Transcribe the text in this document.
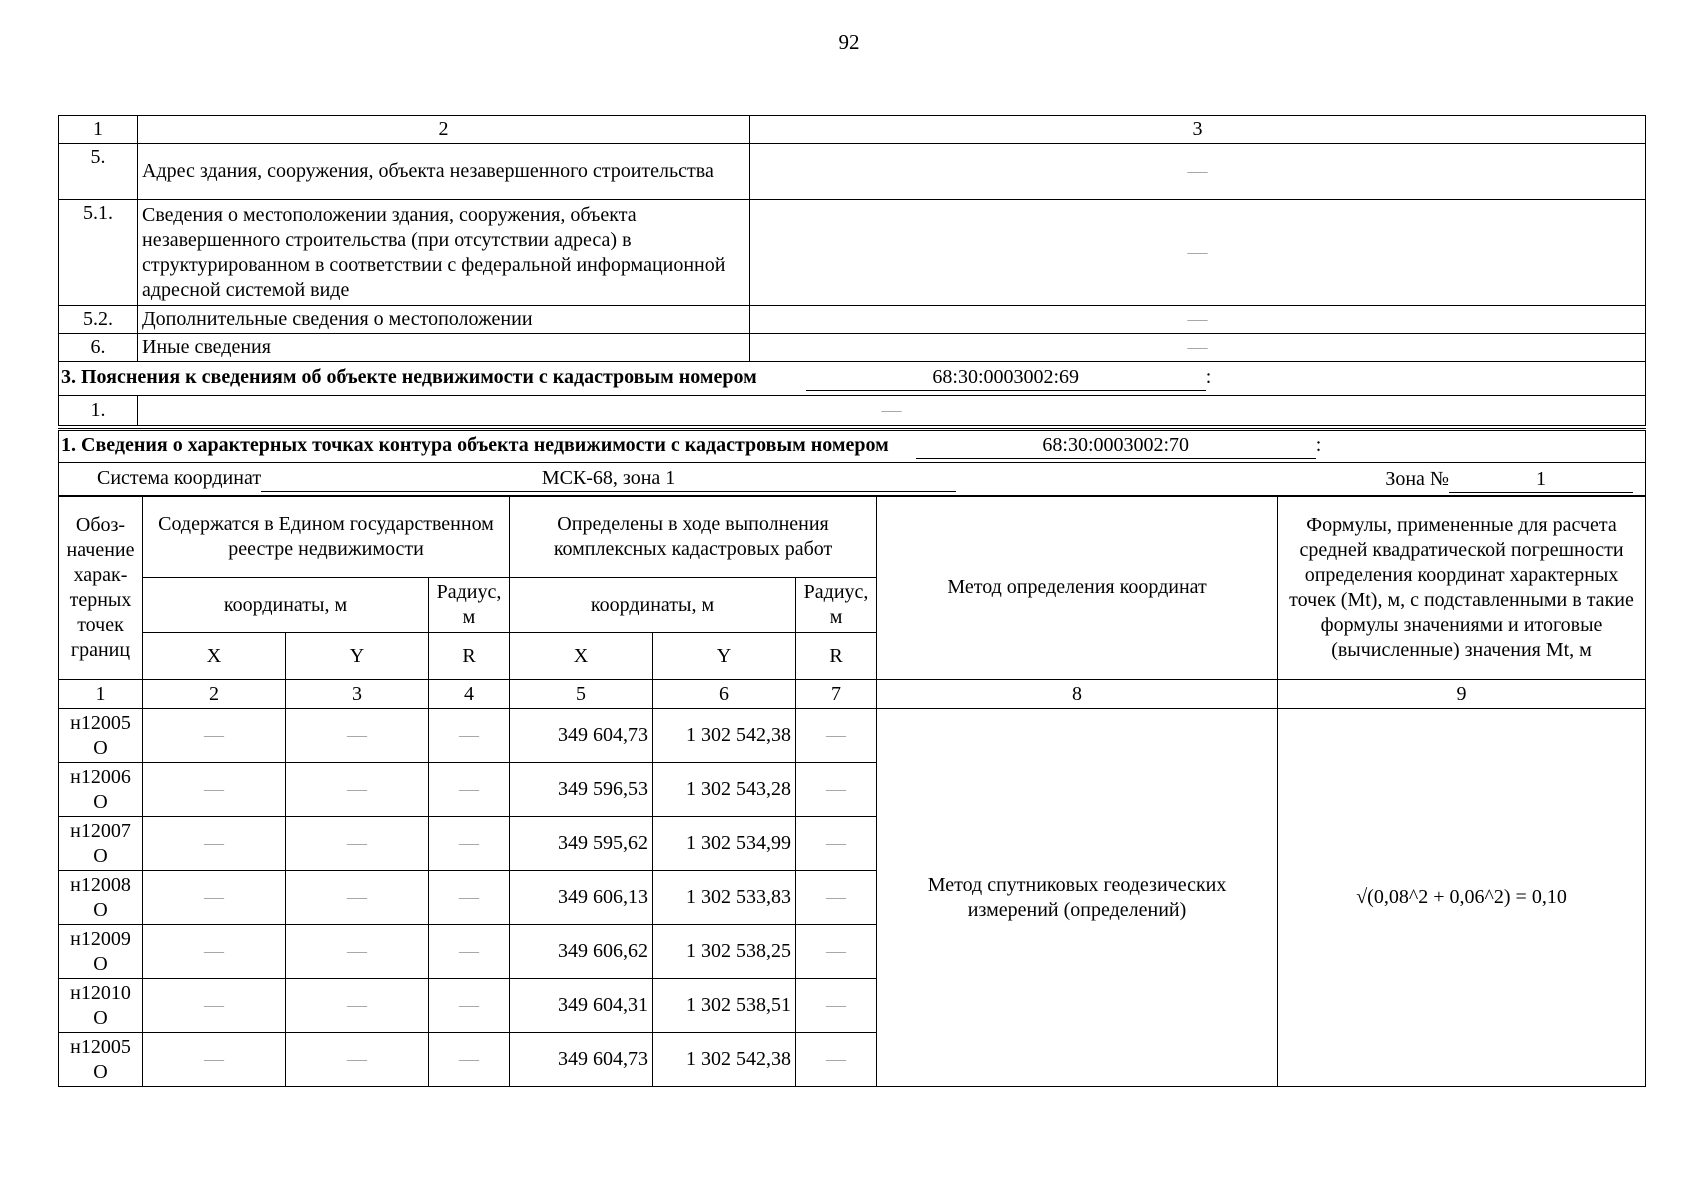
92
1	2	3
5.	Адрес здания, сооружения, объекта незавершенного строительства	—
5.1.	Сведения о местоположении здания, сооружения, объекта незавершенного строительства (при отсутствии адреса) в структурированном в соответствии с федеральной информационной адресной системой виде	—
5.2.	Дополнительные сведения о местоположении	—
6.	Иные сведения	—
3. Пояснения к сведениям об объекте недвижимости с кадастровым номером	68:30:0003002:69	:
1.	—
1. Сведения о характерных точках контура объекта недвижимости с кадастровым номером	68:30:0003002:70	:
Система координат	МСК-68, зона 1	Зона №	1
Обоз-начение харак-терных точек границ	Содержатся в Едином государственном реестре недвижимости			Определены в ходе выполнения комплексных кадастровых работ			Метод определения координат	Формулы, примененные для расчета средней квадратической погрешности определения координат характерных точек (Mt), м, с подставленными в такие формулы значениями и итоговые (вычисленные) значения Mt, м
	координаты, м		Радиус, м	координаты, м		Радиус, м		
	X	Y	R	X	Y	R		
1	2	3	4	5	6	7	8	9
н12005
О	—	—	—	349 604,73	1 302 542,38	—	Метод спутниковых геодезических измерений (определений)	√(0,08^2 + 0,06^2) = 0,10
н12006
О	—	—	—	349 596,53	1 302 543,28	—		
н12007
О	—	—	—	349 595,62	1 302 534,99	—		
н12008
О	—	—	—	349 606,13	1 302 533,83	—		
н12009
О	—	—	—	349 606,62	1 302 538,25	—		
н12010
О	—	—	—	349 604,31	1 302 538,51	—		
н12005
О	—	—	—	349 604,73	1 302 542,38	—		
